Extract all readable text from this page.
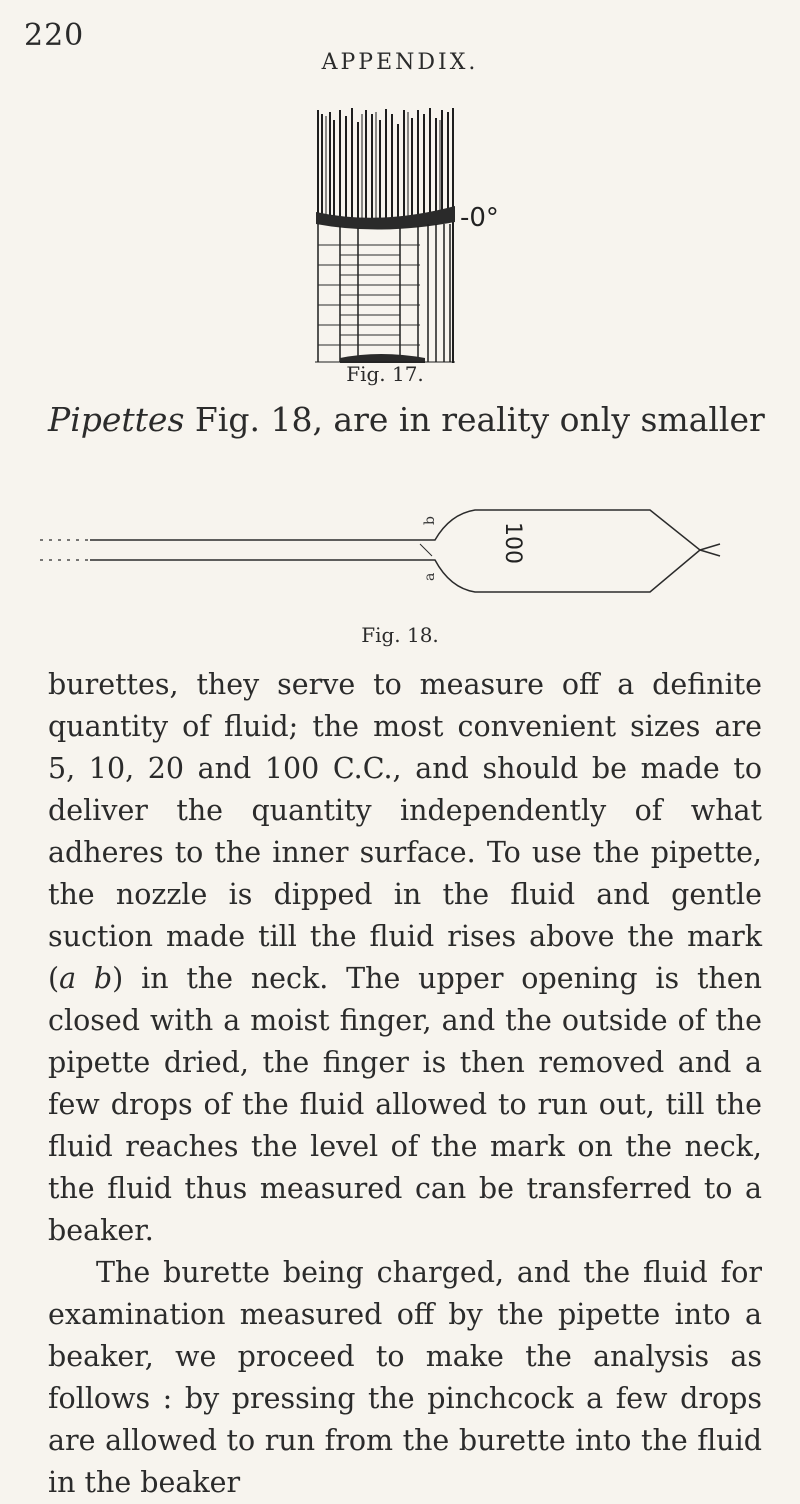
220
APPENDIX.
-0°
Fig. 17.
Pipettes Fig. 18, are in reality only smaller
b
a
100
Fig. 18.

burettes, they serve to measure off a definite quantity of fluid; the most convenient sizes are 5, 10, 20 and 100 C.C., and should be made to deliver the quantity independently of what adheres to the inner surface. To use the pipette, the nozzle is dipped in the fluid and gentle suction made till the fluid rises above the mark (a b) in the neck. The upper opening is then closed with a moist finger, and the outside of the pipette dried, the finger is then removed and a few drops of the fluid allowed to run out, till the fluid reaches the level of the mark on the neck, the fluid thus measured can be transferred to a beaker.

The burette being charged, and the fluid for examination measured off by the pipette into a beaker, we proceed to make the analysis as follows : by pressing the pinchcock a few drops are allowed to run from the burette into the fluid in the beaker
